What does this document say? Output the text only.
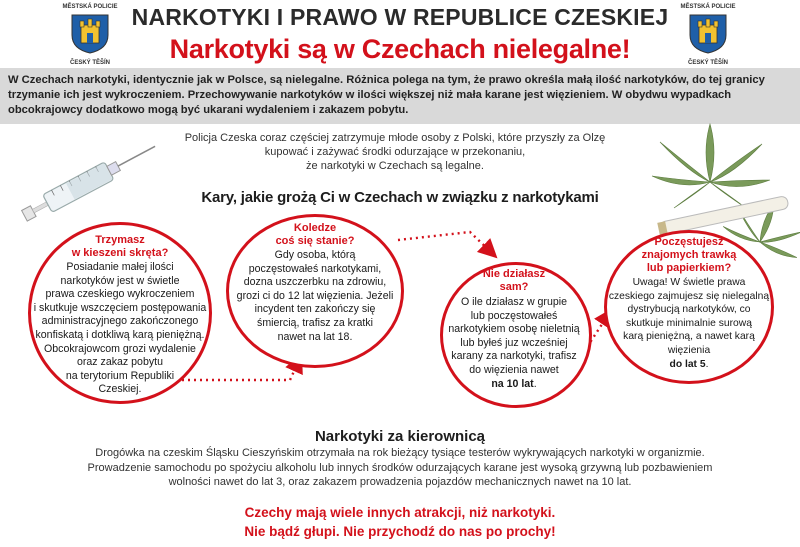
MĚSTSKÁ POLICIE
ČESKÝ TĚŠÍN
MĚSTSKÁ POLICIE
ČESKÝ TĚŠÍN
NARKOTYKI I PRAWO W REPUBLICE CZESKIEJ
Narkotyki są w Czechach nielegalne!
W Czechach narkotyki, identycznie jak w Polsce, są nielegalne. Różnica polega na tym, że prawo określa małą ilość narkotyków, do tej granicy trzymanie ich jest wykroczeniem. Przechowywanie narkotyków w ilości większej niż mała karane jest więzieniem. W obydwu wypadkach obcokrajowcy dodatkowo mogą być ukarani wydaleniem i zakazem pobytu.
Policja Czeska coraz częściej zatrzymuje młode osoby z Polski, które przyszły za Olzę
kupować i zażywać środki odurzające w przekonaniu,
że narkotyki w Czechach są legalne.
Kary, jakie grożą Ci w Czechach w związku z narkotykami
Trzymasz
w kieszeni skręta?
Posiadanie małej ilości
narkotyków jest w świetle
prawa czeskiego wykroczeniem
i skutkuje wszczęciem postępowania
administracyjnego zakończonego
konfiskatą i dotkliwą karą pieniężną.
Obcokrajowcom grozi wydalenie
oraz zakaz pobytu
na terytorium Republiki
Czeskiej.
Koledze
coś się stanie?
Gdy osoba, którą
poczęstowałeś narkotykami,
dozna uszczerbku na zdrowiu,
grozi ci do 12 lat więzienia. Jeżeli
incydent ten zakończy się
śmiercią, trafisz za kratki
nawet na lat 18.
Nie działasz
sam?
O ile działasz w grupie
lub poczęstowałeś
narkotykiem osobę nieletnią
lub byłeś juz wcześniej
karany za narkotyki, trafisz
do więzienia nawet
na 10 lat.
Poczęstujesz
znajomych trawką
lub papierkiem?
Uwaga! W świetle prawa
czeskiego zajmujesz się nielegalną
dystrybucją narkotyków, co
skutkuje minimalnie surową
karą pieniężną, a nawet karą
więzienia
do lat 5.
Narkotyki za kierownicą
Drogówka na czeskim Śląsku Cieszyńskim otrzymała na rok bieżący tysiące testerów wykrywających narkotyki w organizmie.
Prowadzenie samochodu po spożyciu alkoholu lub innych środków odurzających karane jest wysoką grzywną lub pozbawieniem
wolności nawet do lat 3, oraz zakazem prowadzenia pojazdów mechanicznych nawet na 10 lat.
Czechy mają wiele innych atrakcji, niż narkotyki.
Nie bądź głupi. Nie przychodź do nas po prochy!
